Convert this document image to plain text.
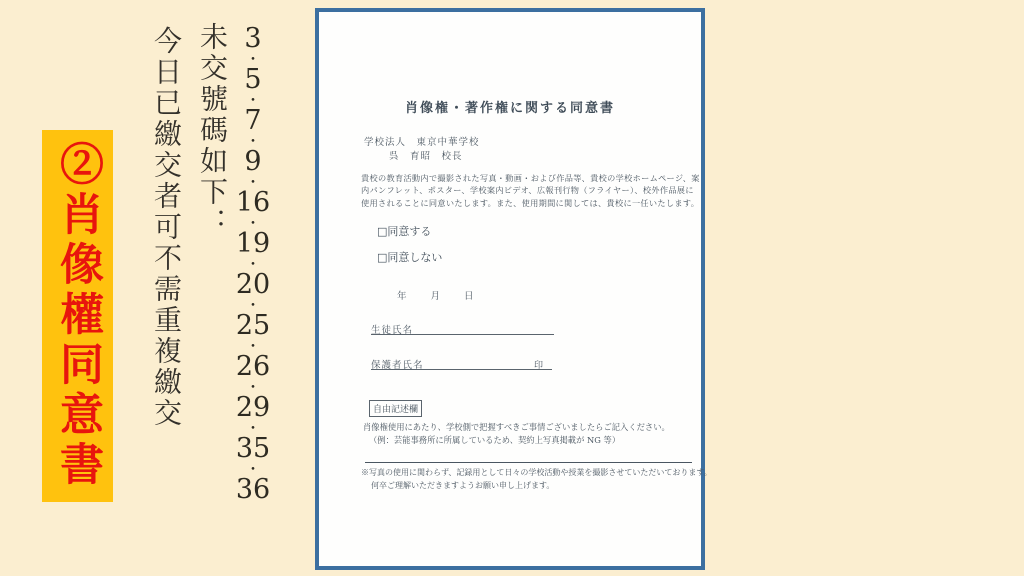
②肖像權同意書	今日已繳交者可不需重複繳交 未交號碼如下： 3
・
5
・
7
・
9
・
16
・
19
・
20
・
25
・
26
・
29
・
35
・
36
肖像権・著作権に関する同意書
学校法人　東京中華学校
呉　育昭　校長
貴校の教育活動内で撮影された写真・動画・および作品等、貴校の学校ホームページ、案
内パンフレット、ポスター、学校案内ビデオ、広報刊行物（フライヤー）、校外作品展に
使用されることに同意いたします。また、使用期間に関しては、貴校に一任いたします。
□同意する
□同意しない
年	月	日
生徒氏名
保護者氏名	印
自由記述欄
肖像権使用にあたり、学校側で把握すべきご事情ございましたらご記入ください。
（例：芸能事務所に所属しているため、契約上写真掲載が NG 等）
※写真の使用に関わらず、記録用として日々の学校活動や授業を撮影させていただいております。
何卒ご理解いただきますようお願い申し上げます。
